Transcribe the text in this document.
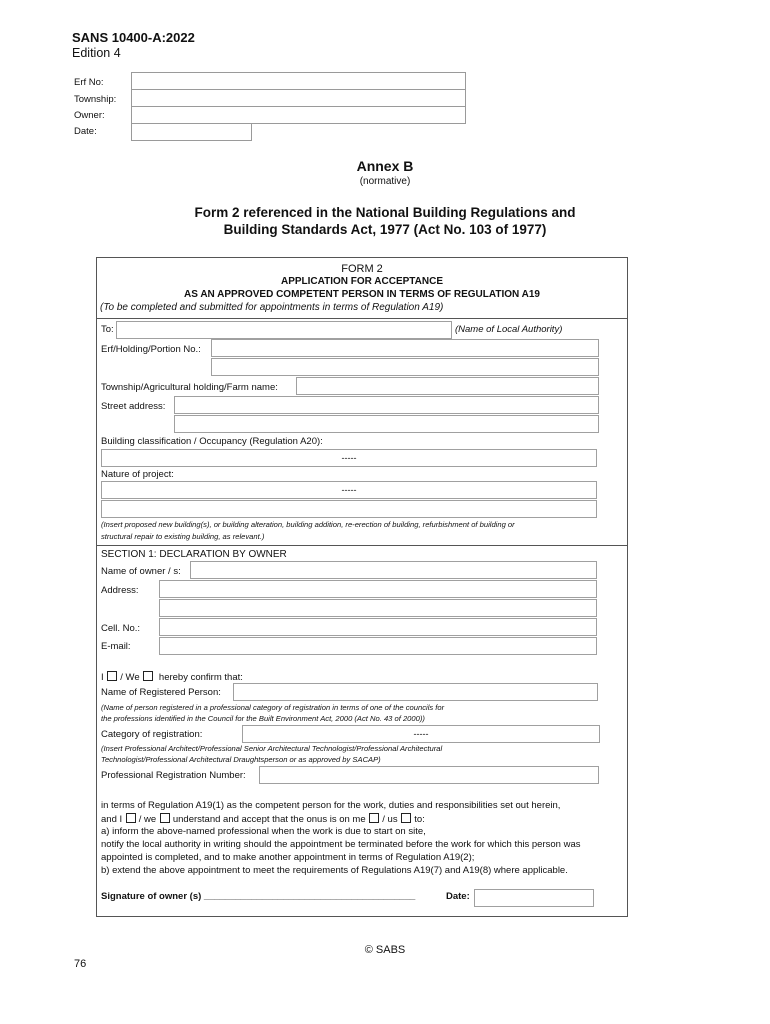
SANS 10400-A:2022
Edition 4
Erf No:
Township:
Owner:
Date:
Annex B
(normative)
Form 2 referenced in the National Building Regulations and
Building Standards Act, 1977 (Act No. 103 of 1977)
FORM 2
APPLICATION FOR ACCEPTANCE
AS AN APPROVED COMPETENT PERSON IN TERMS OF REGULATION A19
(To be completed and submitted for appointments in terms of Regulation A19)
To:	(Name of Local Authority)
Erf/Holding/Portion No.:
Township/Agricultural holding/Farm name:
Street address:
Building classification / Occupancy (Regulation A20):
-----
Nature of project:
-----
(Insert proposed new building(s), or building alteration, building addition, re-erection of building, refurbishment of building or
structural repair to existing building, as relevant.)
SECTION 1: DECLARATION BY OWNER
Name of owner / s:
Address:
Cell. No.:
E-mail:
I / We hereby confirm that:
Name of Registered Person:
(Name of person registered in a professional category of registration in terms of one of the councils for
the professions identified in the Council for the Built Environment Act, 2000 (Act No. 43 of 2000))
Category of registration:	-----
(Insert Professional Architect/Professional Senior Architectural Technologist/Professional Architectural
Technologist/Professional Architectural Draughtsperson or as approved by SACAP)
Professional Registration Number:
in terms of Regulation A19(1) as the competent person for the work, duties and responsibilities set out herein,
and I / we understand and accept that the onus is on me / us to:
a) inform the above-named professional when the work is due to start on site,
notify the local authority in writing should the appointment be terminated before the work for which this person was
appointed is completed, and to make another appointment in terms of Regulation A19(2);
b) extend the above appointment to meet the requirements of Regulations A19(7) and A19(8) where applicable.
Signature of owner (s) ________________________________________	Date:
© SABS
76
